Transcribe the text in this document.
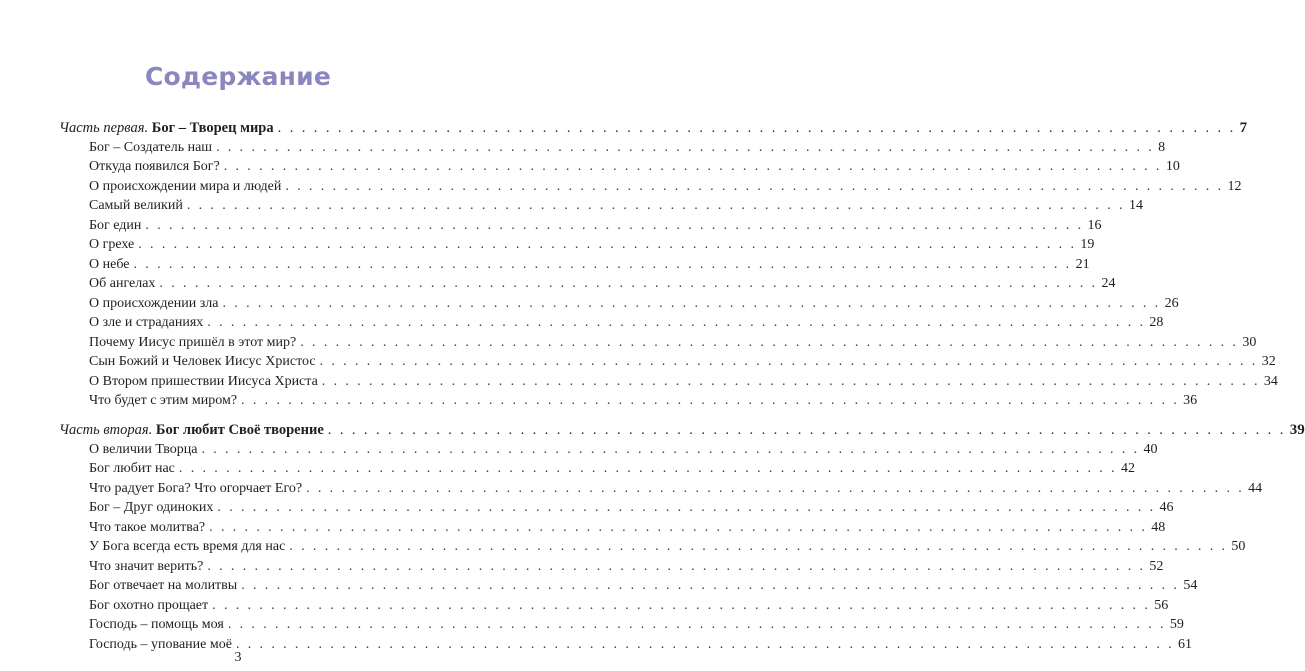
Содержание
Часть первая. Бог – Творец мира . . . . . . . . . . . . . . . . . . . . . . . . . . . . . . . . . . . . . . . . . . . . . . . . . . . . . . . . . . . . . . . . . . . . . . . . . . . . . . . . 7
Бог – Создатель наш . . . . . . . . . . . . . . . . . . . . . . . . . . . . . . . . . . . . . . . . . . . . . . . . . . . . . . . . . . . . . . . . . . . . . . . . . . . . . . . . 8
Откуда появился Бог? . . . . . . . . . . . . . . . . . . . . . . . . . . . . . . . . . . . . . . . . . . . . . . . . . . . . . . . . . . . . . . . . . . . . . . . . . . . . . . . . 10
О происхождении мира и людей . . . . . . . . . . . . . . . . . . . . . . . . . . . . . . . . . . . . . . . . . . . . . . . . . . . . . . . . . . . . . . . . . . . . . . . . . . . . . . . . 12
Самый великий . . . . . . . . . . . . . . . . . . . . . . . . . . . . . . . . . . . . . . . . . . . . . . . . . . . . . . . . . . . . . . . . . . . . . . . . . . . . . . . . 14
Бог един . . . . . . . . . . . . . . . . . . . . . . . . . . . . . . . . . . . . . . . . . . . . . . . . . . . . . . . . . . . . . . . . . . . . . . . . . . . . . . . . 16
О грехе . . . . . . . . . . . . . . . . . . . . . . . . . . . . . . . . . . . . . . . . . . . . . . . . . . . . . . . . . . . . . . . . . . . . . . . . . . . . . . . . 19
О небе . . . . . . . . . . . . . . . . . . . . . . . . . . . . . . . . . . . . . . . . . . . . . . . . . . . . . . . . . . . . . . . . . . . . . . . . . . . . . . . . 21
Об ангелах . . . . . . . . . . . . . . . . . . . . . . . . . . . . . . . . . . . . . . . . . . . . . . . . . . . . . . . . . . . . . . . . . . . . . . . . . . . . . . . . 24
О происхождении зла . . . . . . . . . . . . . . . . . . . . . . . . . . . . . . . . . . . . . . . . . . . . . . . . . . . . . . . . . . . . . . . . . . . . . . . . . . . . . . . . 26
О зле и страданиях . . . . . . . . . . . . . . . . . . . . . . . . . . . . . . . . . . . . . . . . . . . . . . . . . . . . . . . . . . . . . . . . . . . . . . . . . . . . . . . . 28
Почему Иисус пришёл в этот мир? . . . . . . . . . . . . . . . . . . . . . . . . . . . . . . . . . . . . . . . . . . . . . . . . . . . . . . . . . . . . . . . . . . . . . . . . . . . . . . . . 30
Сын Божий и Человек Иисус Христос . . . . . . . . . . . . . . . . . . . . . . . . . . . . . . . . . . . . . . . . . . . . . . . . . . . . . . . . . . . . . . . . . . . . . . . . . . . . . . . . 32
О Втором пришествии Иисуса Христа . . . . . . . . . . . . . . . . . . . . . . . . . . . . . . . . . . . . . . . . . . . . . . . . . . . . . . . . . . . . . . . . . . . . . . . . . . . . . . . . 34
Что будет с этим миром? . . . . . . . . . . . . . . . . . . . . . . . . . . . . . . . . . . . . . . . . . . . . . . . . . . . . . . . . . . . . . . . . . . . . . . . . . . . . . . . . 36
Часть вторая. Бог любит Своё творение . . . . . . . . . . . . . . . . . . . . . . . . . . . . . . . . . . . . . . . . . . . . . . . . . . . . . . . . . . . . . . . . . . . . . . . . . . . . . . . . 39
О величии Творца . . . . . . . . . . . . . . . . . . . . . . . . . . . . . . . . . . . . . . . . . . . . . . . . . . . . . . . . . . . . . . . . . . . . . . . . . . . . . . . . 40
Бог любит нас . . . . . . . . . . . . . . . . . . . . . . . . . . . . . . . . . . . . . . . . . . . . . . . . . . . . . . . . . . . . . . . . . . . . . . . . . . . . . . . . 42
Что радует Бога? Что огорчает Его? . . . . . . . . . . . . . . . . . . . . . . . . . . . . . . . . . . . . . . . . . . . . . . . . . . . . . . . . . . . . . . . . . . . . . . . . . . . . . . . . 44
Бог – Друг одиноких . . . . . . . . . . . . . . . . . . . . . . . . . . . . . . . . . . . . . . . . . . . . . . . . . . . . . . . . . . . . . . . . . . . . . . . . . . . . . . . . 46
Что такое молитва? . . . . . . . . . . . . . . . . . . . . . . . . . . . . . . . . . . . . . . . . . . . . . . . . . . . . . . . . . . . . . . . . . . . . . . . . . . . . . . . . 48
У Бога всегда есть время для нас . . . . . . . . . . . . . . . . . . . . . . . . . . . . . . . . . . . . . . . . . . . . . . . . . . . . . . . . . . . . . . . . . . . . . . . . . . . . . . . . 50
Что значит верить? . . . . . . . . . . . . . . . . . . . . . . . . . . . . . . . . . . . . . . . . . . . . . . . . . . . . . . . . . . . . . . . . . . . . . . . . . . . . . . . . 52
Бог отвечает на молитвы . . . . . . . . . . . . . . . . . . . . . . . . . . . . . . . . . . . . . . . . . . . . . . . . . . . . . . . . . . . . . . . . . . . . . . . . . . . . . . . . 54
Бог охотно прощает . . . . . . . . . . . . . . . . . . . . . . . . . . . . . . . . . . . . . . . . . . . . . . . . . . . . . . . . . . . . . . . . . . . . . . . . . . . . . . . . 56
Господь – помощь моя . . . . . . . . . . . . . . . . . . . . . . . . . . . . . . . . . . . . . . . . . . . . . . . . . . . . . . . . . . . . . . . . . . . . . . . . . . . . . . . . 59
Господь – упование моё . . . . . . . . . . . . . . . . . . . . . . . . . . . . . . . . . . . . . . . . . . . . . . . . . . . . . . . . . . . . . . . . . . . . . . . . . . . . . . . . 61
3
